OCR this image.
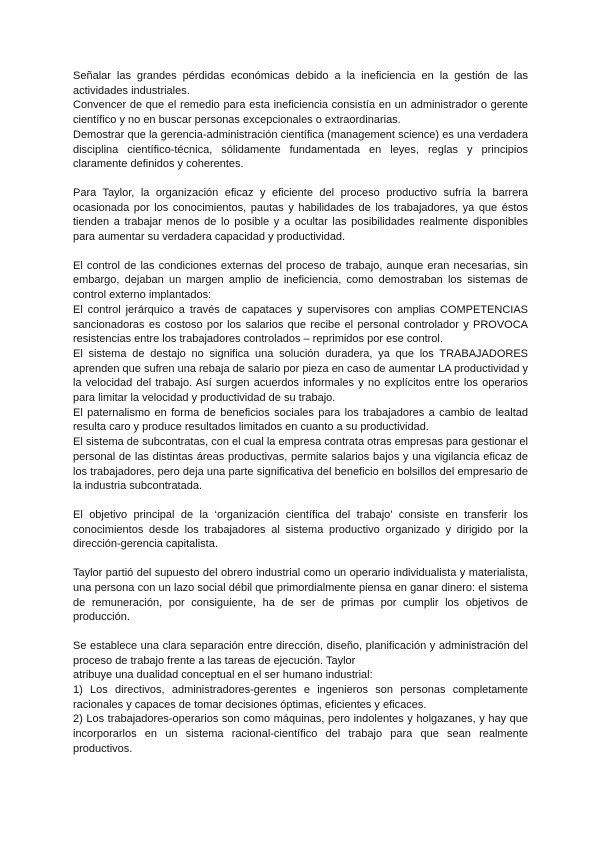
Señalar las grandes pérdidas económicas debido a la ineficiencia en la gestión de las actividades industriales.

Convencer de que el remedio para esta ineficiencia consistía en un administrador o gerente científico y no en buscar personas excepcionales o extraordinarias.

Demostrar que la gerencia-administración científica (management science) es una verdadera disciplina científico-técnica, sólidamente fundamentada en leyes, reglas y principios claramente definidos y coherentes.

Para Taylor, la organización eficaz y eficiente del proceso productivo sufría la barrera ocasionada por los conocimientos, pautas y habilidades de los trabajadores, ya que éstos tienden a trabajar menos de lo posible y a ocultar las posibilidades realmente disponibles para aumentar su verdadera capacidad y productividad.

El control de las condiciones externas del proceso de trabajo, aunque eran necesarias, sin embargo, dejaban un margen amplio de ineficiencia, como demostraban los sistemas de control externo implantados:

El control jerárquico a través de capataces y supervisores con amplias COMPETENCIAS sancionadoras es costoso por los salarios que recibe el personal controlador y PROVOCA resistencias entre los trabajadores controlados – reprimidos por ese control.

El sistema de destajo no significa una solución duradera, ya que los TRABAJADORES aprenden que sufren una rebaja de salario por pieza en caso de aumentar LA productividad y la velocidad del trabajo. Así surgen acuerdos informales y no explícitos entre los operarios para limitar la velocidad y productividad de su trabajo.

El paternalismo en forma de beneficios sociales para los trabajadores a cambio de lealtad resulta caro y produce resultados limitados en cuanto a su productividad.

El sistema de subcontratas, con el cual la empresa contrata otras empresas para gestionar el personal de las distintas áreas productivas, permite salarios bajos y una vigilancia eficaz de los trabajadores, pero deja una parte significativa del beneficio en bolsillos del empresario de la industria subcontratada.

El objetivo principal de la ‘organización científica del trabajo’ consiste en transferir los conocimientos desde los trabajadores al sistema productivo organizado y dirigido por la dirección-gerencia capitalista.

Taylor partió del supuesto del obrero industrial como un operario individualista y materialista, una persona con un lazo social débil que primordialmente piensa en ganar dinero: el sistema de remuneración, por consiguiente, ha de ser de primas por cumplir los objetivos de producción.

Se establece una clara separación entre dirección, diseño, planificación y administración del proceso de trabajo frente a las tareas de ejecución. Taylor

atribuye una dualidad conceptual en el ser humano industrial:

1) Los directivos, administradores-gerentes e ingenieros son personas completamente racionales y capaces de tomar decisiones óptimas, eficientes y eficaces.

2) Los trabajadores-operarios son como máquinas, pero indolentes y holgazanes, y hay que incorporarlos en un sistema racional-científico del trabajo para que sean realmente productivos.
